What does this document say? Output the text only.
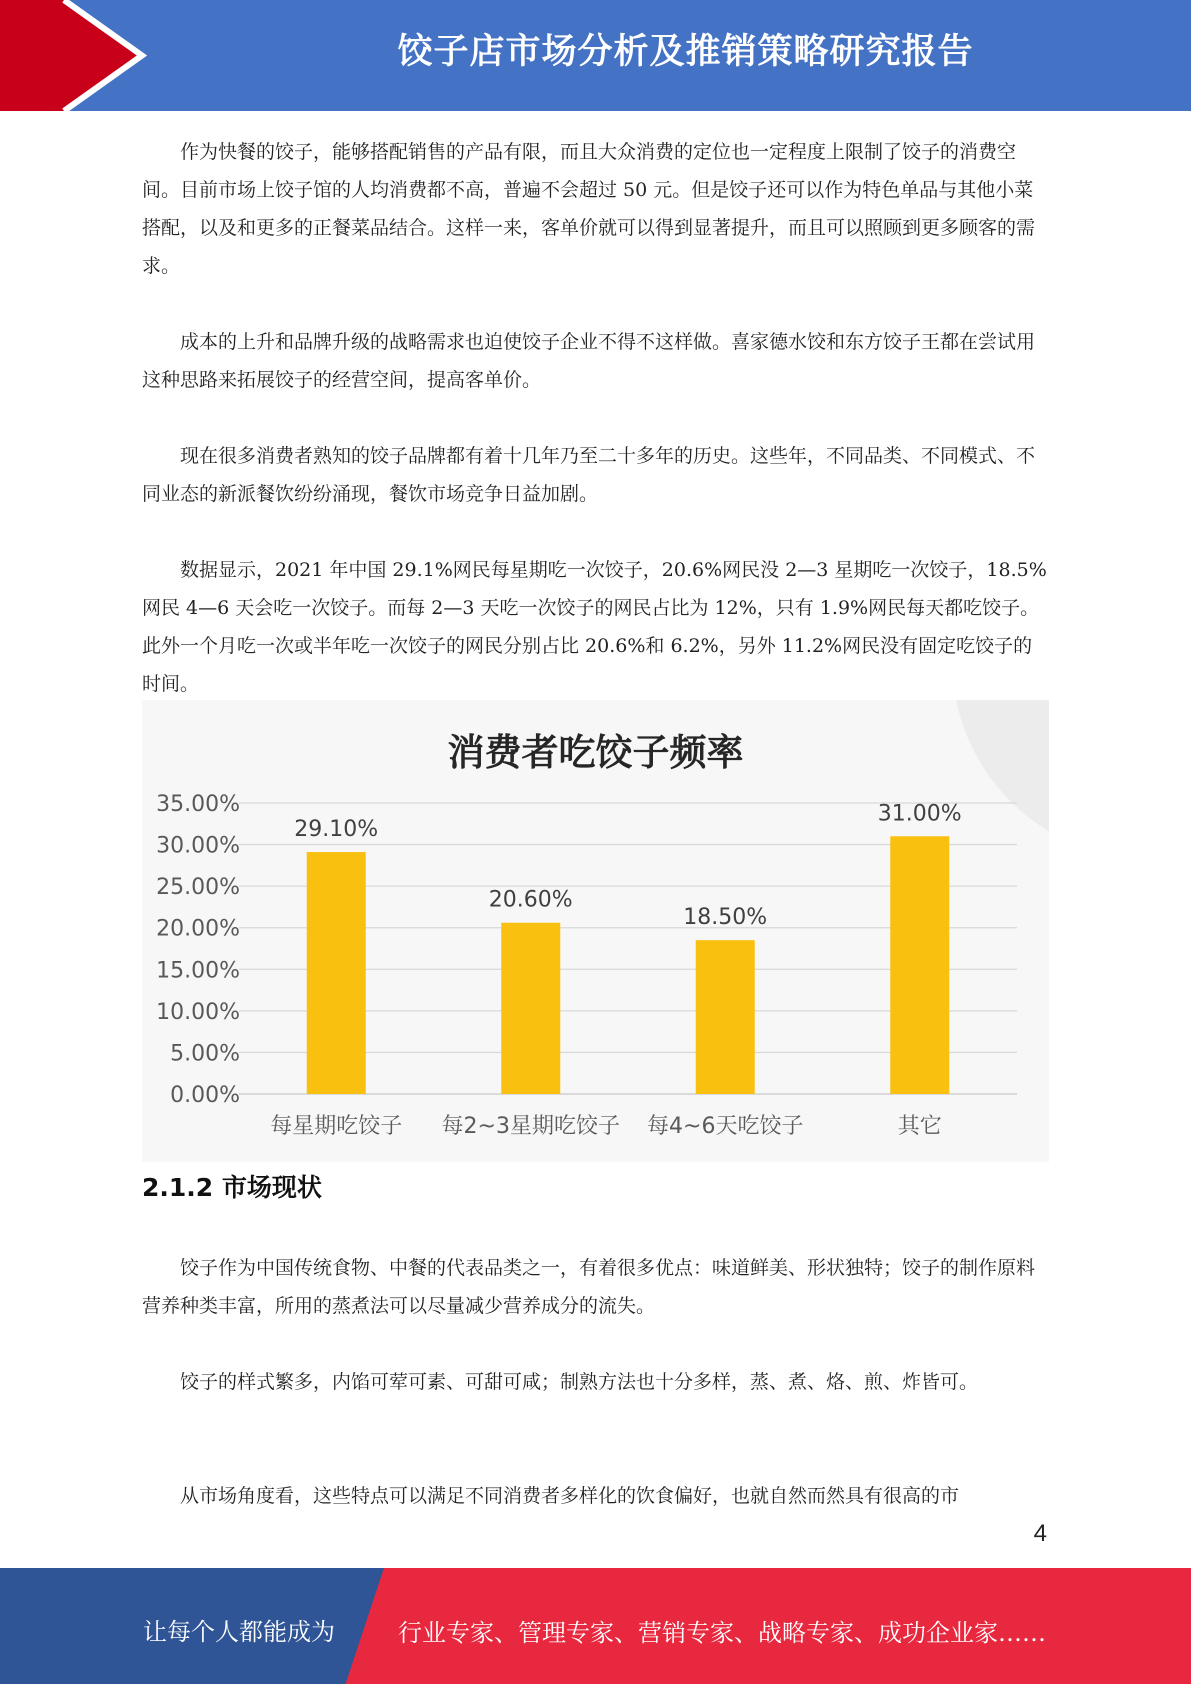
饺子店市场分析及推销策略研究报告

作为快餐的饺子，能够搭配销售的产品有限，而且大众消费的定位也一定程度上限制了饺子的消费空间。目前市场上饺子馆的人均消费都不高，普遍不会超过 50 元。但是饺子还可以作为特色单品与其他小菜搭配，以及和更多的正餐菜品结合。这样一来，客单价就可以得到显著提升，而且可以照顾到更多顾客的需求。

成本的上升和品牌升级的战略需求也迫使饺子企业不得不这样做。喜家德水饺和东方饺子王都在尝试用这种思路来拓展饺子的经营空间，提高客单价。

现在很多消费者熟知的饺子品牌都有着十几年乃至二十多年的历史。这些年，不同品类、不同模式、不同业态的新派餐饮纷纷涌现，餐饮市场竞争日益加剧。

数据显示，2021 年中国 29.1%网民每星期吃一次饺子，20.6%网民没 2—3 星期吃一次饺子，18.5%网民 4—6 天会吃一次饺子。而每 2—3 天吃一次饺子的网民占比为 12%，只有 1.9%网民每天都吃饺子。此外一个月吃一次或半年吃一次饺子的网民分别占比 20.6%和 6.2%，另外 11.2%网民没有固定吃饺子的时间。

消费者吃饺子频率
0.00%
5.00%
10.00%
15.00%
20.00%
25.00%
30.00%
35.00%
29.10%
每星期吃饺子
20.60%
每2~3星期吃饺子
18.50%
每4~6天吃饺子
31.00%
其它
2.1.2 市场现状

饺子作为中国传统食物、中餐的代表品类之一，有着很多优点：味道鲜美、形状独特；饺子的制作原料营养种类丰富，所用的蒸煮法可以尽量减少营养成分的流失。

饺子的样式繁多，内馅可荤可素、可甜可咸；制熟方法也十分多样，蒸、煮、烙、煎、炸皆可。

从市场角度看，这些特点可以满足不同消费者多样化的饮食偏好，也就自然而然具有很高的市

4
让每个人都能成为	行业专家、管理专家、营销专家、战略专家、成功企业家……
